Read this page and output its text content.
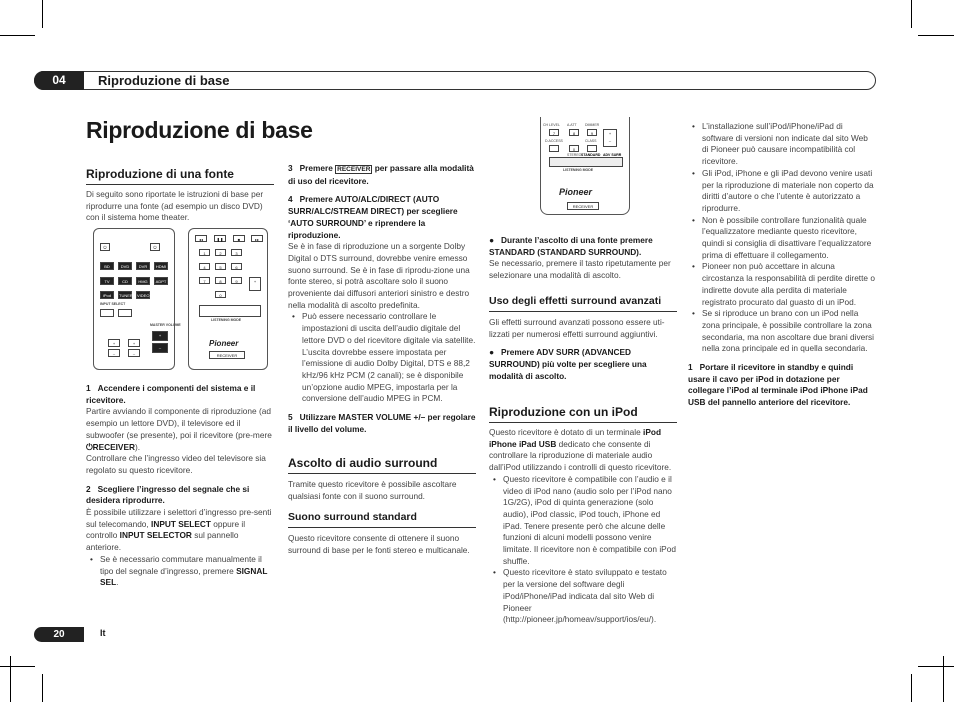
04	Riproduzione di base
Riproduzione di base
Riproduzione di una fonte

Di seguito sono riportate le istruzioni di base per riprodurre una fonte (ad esempio un disco DVD) con il sistema home theater.

⏻	⏻
BD	DVD	DVR	HDMI
TV	CD	HMG	ADPT
iPod	TUNER VIDEO
INPUT SELECT
+
–
MASTER VOLUME
+	+
–	–
◂◂	❚❚	■	▸▸
1	2	3
4	5	6
7	8	9
0
+
LISTENING MODE
Pioneer
RECEIVER

1 Accendere i componenti del sistema e il ricevitore.

Partire avviando il componente di riproduzione (ad esempio un lettore DVD), il televisore ed il subwoofer (se presente), poi il ricevitore (pre-mere ⏻RECEIVER).

Controllare che l’ingresso video del televisore sia regolato su questo ricevitore.

2 Scegliere l’ingresso del segnale che si desidera riprodurre.

È possibile utilizzare i selettori d’ingresso pre-senti sul telecomando, INPUT SELECT oppure il controllo INPUT SELECTOR sul pannello anteriore.

• Se è necessario commutare manualmente il tipo del segnale d’ingresso, premere SIGNAL SEL.

3 Premere RECEIVER per passare alla modalità di uso del ricevitore.

4 Premere AUTO/ALC/DIRECT (AUTO SURR/ALC/STREAM DIRECT) per scegliere ‘AUTO SURROUND’ e riprendere la riproduzione.

Se è in fase di riproduzione un a sorgente Dolby Digital o DTS surround, dovrebbe venire emesso suono surround. Se è in fase di riprodu-zione una fonte stereo, si potrà ascoltare solo il suono proveniente dai diffusori anteriori sinistro e destro nella modalità di ascolto predefinita.

• Può essere necessario controllare le impostazioni di uscita dell’audio digitale del lettore DVD o del ricevitore digitale via satellite. L’uscita dovrebbe essere impostata per l’emissione di audio Dolby Digital, DTS e 88,2 kHz/96 kHz PCM (2 canali); se è disponibile un’opzione audio MPEG, impostarla per la conversione dell’audio MPEG in PCM.

5 Utilizzare MASTER VOLUME +/– per regolare il livello del volume.

Ascolto di audio surround

Tramite questo ricevitore è possibile ascoltare qualsiasi fonte con il suono surround.

Suono surround standard

Questo ricevitore consente di ottenere il suono surround di base per le fonti stereo e multicanale.

CH LEVEL A.ATT DIMMER
7	8	9	+
–
D.ACCESS	CLASS
0
STEREO STANDARD ADV SURR
LISTENING MODE
Pioneer
RECEIVER

● Durante l’ascolto di una fonte premere STANDARD (STANDARD SURROUND).

Se necessario, premere il tasto ripetutamente per selezionare una modalità di ascolto.

Uso degli effetti surround avanzati

Gli effetti surround avanzati possono essere uti-lizzati per numerosi effetti surround aggiuntivi.

● Premere ADV SURR (ADVANCED SURROUND) più volte per scegliere una modalità di ascolto.

Riproduzione con un iPod

Questo ricevitore è dotato di un terminale iPod iPhone iPad USB dedicato che consente di controllare la riproduzione di materiale audio dall’iPod utilizzando i controlli di questo ricevitore.

• Questo ricevitore è compatibile con l’audio e il video di iPod nano (audio solo per l’iPod nano 1G/2G), iPod di quinta generazione (solo audio), iPod classic, iPod touch, iPhone ed iPad. Tenere presente però che alcune delle funzioni di alcuni modelli possono venire limitate. Il ricevitore non è compatibile con iPod shuffle.
• Questo ricevitore è stato sviluppato e testato per la versione del software degli iPod/iPhone/iPad indicata dal sito Web di Pioneer (http://pioneer.jp/homeav/support/ios/eu/).
• L’installazione sull’iPod/iPhone/iPad di software di versioni non indicate dal sito Web di Pioneer può causare incompatibilità col ricevitore.
• Gli iPod, iPhone e gli iPad devono venire usati per la riproduzione di materiale non coperto da diritti d’autore o che l’utente è autorizzato a riprodurre.
• Non è possibile controllare funzionalità quale l’equalizzatore mediante questo ricevitore, quindi si consiglia di disattivare l’equalizzatore prima di effettuare il collegamento.
• Pioneer non può accettare in alcuna circostanza la responsabilità di perdite dirette o indirette dovute alla perdita di materiale registrato procurato dal guasto di un iPod.
• Se si riproduce un brano con un iPod nella zona principale, è possibile controllare la zona secondaria, ma non ascoltare due brani diversi nella zona principale ed in quella secondaria.

1 Portare il ricevitore in standby e quindi usare il cavo per iPod in dotazione per collegare l’iPod al terminale iPod iPhone iPad USB del pannello anteriore del ricevitore.

20	It
